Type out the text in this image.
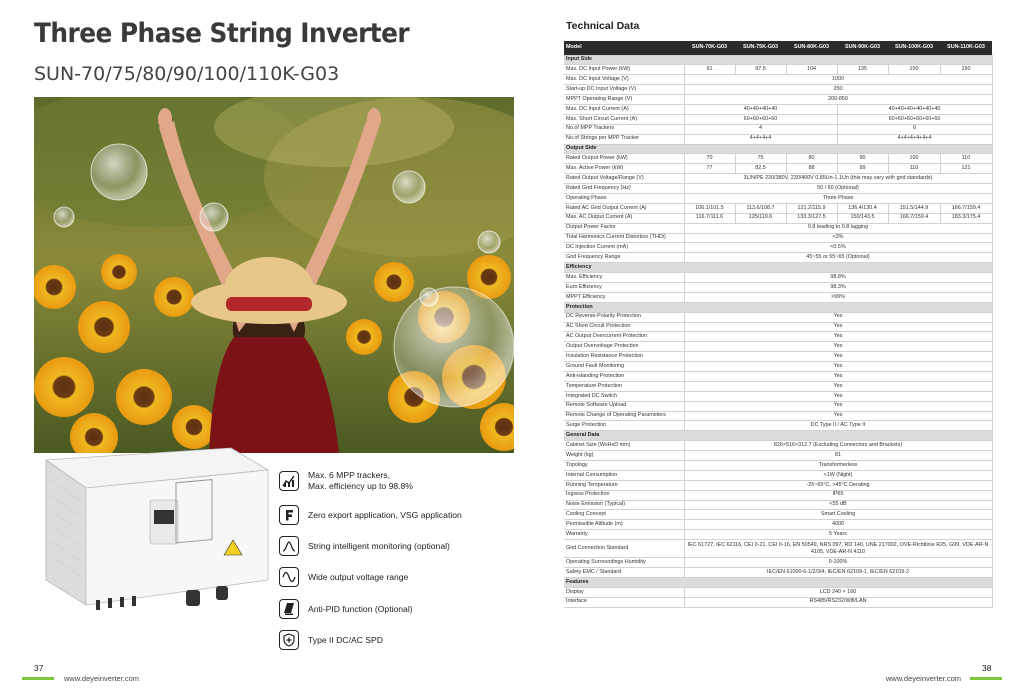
Three Phase String Inverter
SUN-70/75/80/90/100/110K-G03
Max. 6 MPP trackers,
Max. efficiency up to 98.8%
Zero export application, VSG application
String intelligent monitoring (optional)
Wide output voltage range
Anti-PID function (Optional)
Type II DC/AC SPD
37
www.deyeinverter.com
Technical Data
Model	SUN-70K-G03	SUN-75K-G03	SUN-80K-G03	SUN-90K-G03	SUN-100K-G03	SUN-110K-G03
Input Side						
Max. DC Input Power (kW)	91	97.5	104	135	150	150
Max. DC Input Voltage (V)	1000					
Start-up DC Input Voltage (V)	250					
MPPT Operating Range (V)	200-850					
Max. DC Input Current (A)	40+40+40+40			40+40+40+40+40+40		
Max. Short Circuit Current (A)	60+60+60+60			60+60+60+60+60+60		
No.of MPP Trackers	4			6		
No.of Strings per MPP Tracker	4+4+4+4			4+4+4+4+4+4		
Output Side						
Rated Output Power (kW)	70	75	80	90	100	110
Max. Active Power (kW)	77	82.5	88	99	110	121
Rated Output Voltage/Range (V)	3L/N/PE 220/380V, 230/400V 0.85Un-1.1Un (this may vary with grid standards)					
Rated Grid Frequency (Hz)	50 / 60 (Optional)					
Operating Phase	Three Phase					
Rated AC Grid Output Current (A)	106.1/101.5	113.6/108.7	121.2/115.9	136.4/130.4	151.5/144.9	166.7/159.4
Max. AC Output Current (A)	116.7/111.6	125/119.6	133.3/127.5	150/143.5	166.7/159.4	183.3/175.4
Output Power Factor	0.8 leading to 0.8 lagging					
Total Harmonics Current Distortion (THDi)	<3%					
DC Injection Current (mA)	<0.5%					
Grid Frequency Range	45~55 or 55~65 (Optional)					
Efficiency						
Max. Efficiency	98.8%					
Euro Efficiency	98.3%					
MPPT Efficiency	>99%					
Protection						
DC Reverse-Polarity Protection	Yes					
AC Short Circuit Protection	Yes					
AC Output Overcurrent Protection	Yes					
Output Overvoltage Protection	Yes					
Insulation Resistance Protection	Yes					
Ground Fault Monitoring	Yes					
Anti-islanding Protection	Yes					
Temperature Protection	Yes					
Integrated DC Switch	Yes					
Remote Software Upload	Yes					
Remote Change of Operating Parameters	Yes					
Surge Protection	DC Type II / AC Type II					
General Data						
Cabinet Size (WxHxD mm)	826×516×312.7 (Excluding Connectors and Brackets)					
Weight (kg)	81					
Topology	Transformerless					
Internal Consumption	<1W (Night)					
Running Temperature	-25~65°C, >45°C Derating					
Ingress Protection	IP65					
Noise Emission (Typical)	<55 dB					
Cooling Concept	Smart Cooling					
Permissible Altitude (m)	4000					
Warranty	5 Years					
Grid Connection Standard	IEC 61727, IEC 62116, CEI 0-21, CEI 0-16, EN 50549, NRS 097, RD 140, UNE 217002, OVE-Richtlinie R25, G99, VDE-AR-N 4105, VDE-AR-N 4110					
Operating Surroundings Humidity	0-100%					
Safety EMC / Standard	IEC/EN 61000-6-1/2/3/4, IEC/EN 62109-1, IEC/EN 62109-2					
Features						
Display	LCD 240 × 160					
Interface	RS485/RS232/Wifi/LAN					
38
www.deyeinverter.com
